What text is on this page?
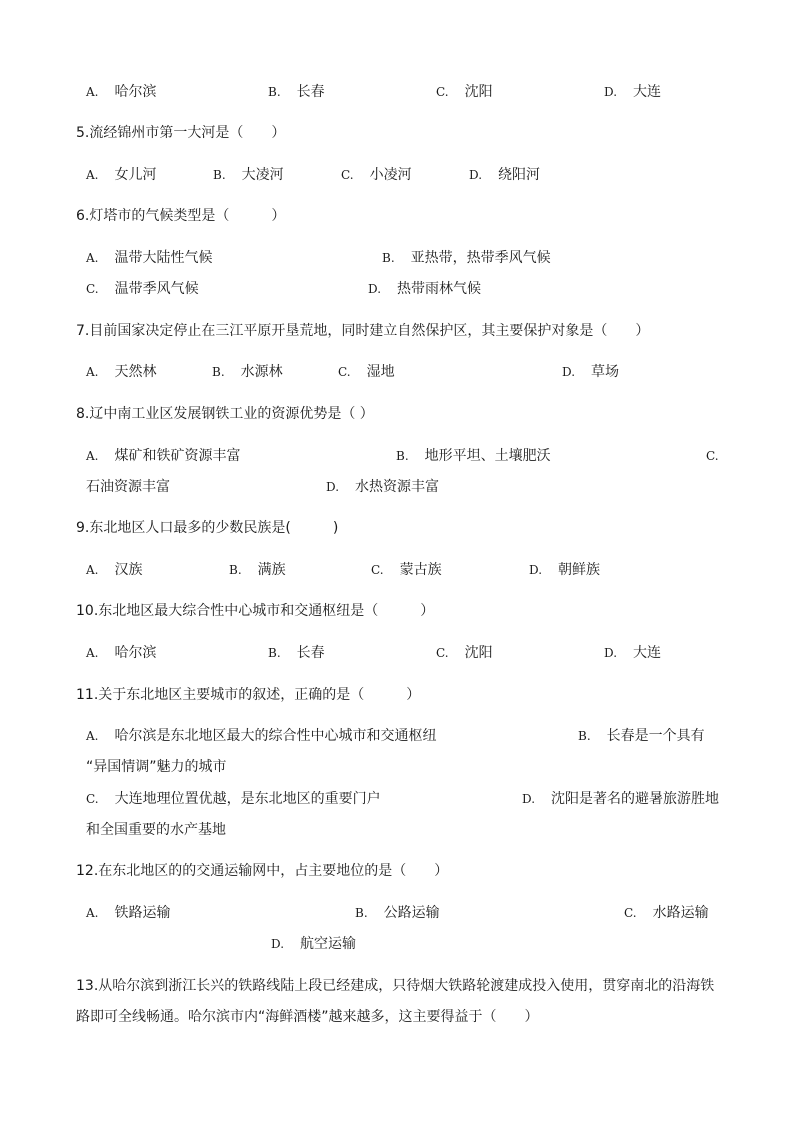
A. 哈尔滨	B. 长春	C. 沈阳	D. 大连
5.流经锦州市第一大河是（　　）
A. 女儿河	B. 大凌河	C. 小凌河	D. 绕阳河
6.灯塔市的气候类型是（　　　）
A. 温带大陆性气候	B. 亚热带，热带季风气候
C. 温带季风气候	D. 热带雨林气候
7.目前国家决定停止在三江平原开垦荒地，同时建立自然保护区，其主要保护对象是（　　）
A. 天然林	B. 水源林	C. 湿地	D. 草场
8.辽中南工业区发展钢铁工业的资源优势是（ ）
A. 煤矿和铁矿资源丰富	B. 地形平坦、土壤肥沃	C.
石油资源丰富	D. 水热资源丰富
9.东北地区人口最多的少数民族是(　　　)
A. 汉族	B. 满族	C. 蒙古族	D. 朝鲜族
10.东北地区最大综合性中心城市和交通枢纽是（　　　）
A. 哈尔滨	B. 长春	C. 沈阳	D. 大连
11.关于东北地区主要城市的叙述，正确的是（　　　）
A. 哈尔滨是东北地区最大的综合性中心城市和交通枢纽	B. 长春是一个具有
“异国情调”魅力的城市
C. 大连地理位置优越，是东北地区的重要门户	D. 沈阳是著名的避暑旅游胜地
和全国重要的水产基地
12.在东北地区的的交通运输网中，占主要地位的是（　　）
A. 铁路运输	B. 公路运输	C. 水路运输
D. 航空运输
13.从哈尔滨到浙江长兴的铁路线陆上段已经建成，只待烟大铁路轮渡建成投入使用，贯穿南北的沿海铁
路即可全线畅通。哈尔滨市内“海鲜酒楼”越来越多，这主要得益于（　　）
